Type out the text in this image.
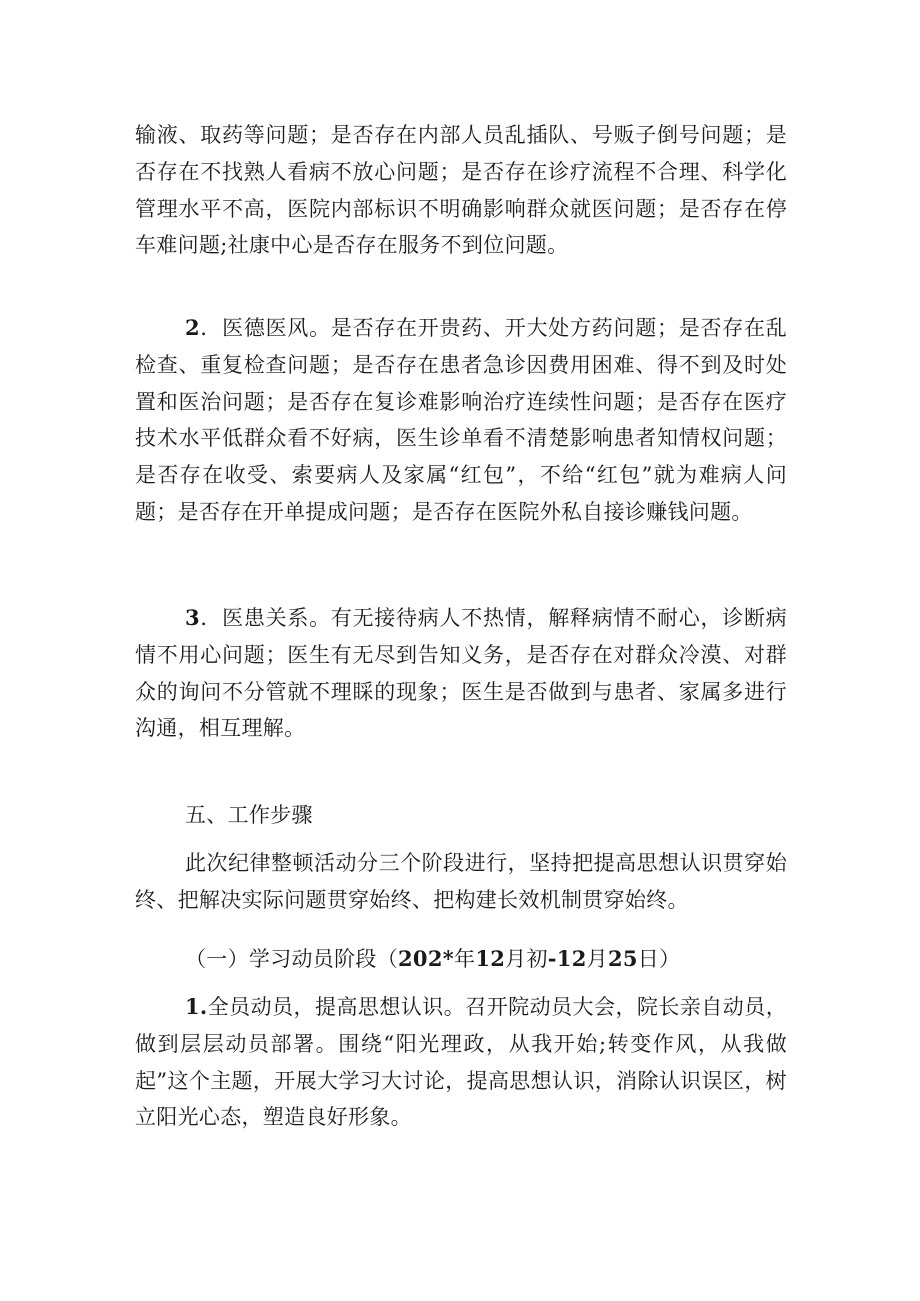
输液、取药等问题；是否存在内部人员乱插队、号贩子倒号问题；是否存在不找熟人看病不放心问题；是否存在诊疗流程不合理、科学化管理水平不高，医院内部标识不明确影响群众就医问题；是否存在停车难问题;社康中心是否存在服务不到位问题。

2．医德医风。是否存在开贵药、开大处方药问题；是否存在乱检查、重复检查问题；是否存在患者急诊因费用困难、得不到及时处置和医治问题；是否存在复诊难影响治疗连续性问题；是否存在医疗技术水平低群众看不好病，医生诊单看不清楚影响患者知情权问题；是否存在收受、索要病人及家属“红包”，不给“红包”就为难病人问题；是否存在开单提成问题；是否存在医院外私自接诊赚钱问题。

3．医患关系。有无接待病人不热情，解释病情不耐心，诊断病情不用心问题；医生有无尽到告知义务，是否存在对群众冷漠、对群众的询问不分管就不理睬的现象；医生是否做到与患者、家属多进行沟通，相互理解。

五、工作步骤

此次纪律整顿活动分三个阶段进行，坚持把提高思想认识贯穿始终、把解决实际问题贯穿始终、把构建长效机制贯穿始终。

（一）学习动员阶段（202*年12月初-12月25日）

1.全员动员，提高思想认识。召开院动员大会，院长亲自动员，做到层层动员部署。围绕“阳光理政，从我开始;转变作风，从我做起”这个主题，开展大学习大讨论，提高思想认识，消除认识误区，树立阳光心态，塑造良好形象。
